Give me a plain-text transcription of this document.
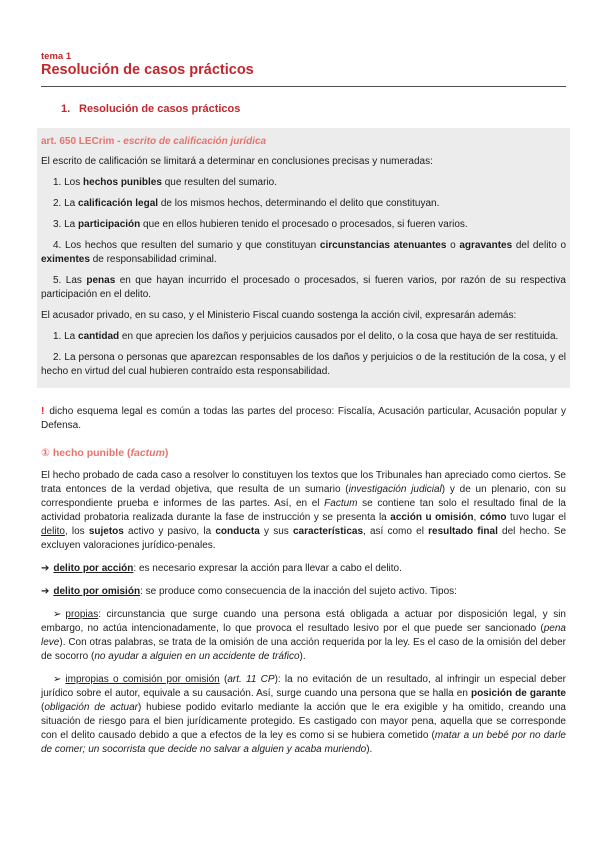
tema 1
Resolución de casos prácticos
1. Resolución de casos prácticos

art. 650 LECrim - escrito de calificación jurídica

El escrito de calificación se limitará a determinar en conclusiones precisas y numeradas:

1. Los hechos punibles que resulten del sumario.

2. La calificación legal de los mismos hechos, determinando el delito que constituyan.

3. La participación que en ellos hubieren tenido el procesado o procesados, si fueren varios.

4. Los hechos que resulten del sumario y que constituyan circunstancias atenuantes o agravantes del delito o eximentes de responsabilidad criminal.

5. Las penas en que hayan incurrido el procesado o procesados, si fueren varios, por razón de su respectiva participación en el delito.

El acusador privado, en su caso, y el Ministerio Fiscal cuando sostenga la acción civil, expresarán además:

1. La cantidad en que aprecien los daños y perjuicios causados por el delito, o la cosa que haya de ser restituida.

2. La persona o personas que aparezcan responsables de los daños y perjuicios o de la restitución de la cosa, y el hecho en virtud del cual hubieren contraído esta responsabilidad.

! dicho esquema legal es común a todas las partes del proceso: Fiscalía, Acusación particular, Acusación popular y Defensa.

① hecho punible (factum)

El hecho probado de cada caso a resolver lo constituyen los textos que los Tribunales han apreciado como ciertos. Se trata entonces de la verdad objetiva, que resulta de un sumario (investigación judicial) y de un plenario, con su correspondiente prueba e informes de las partes. Así, en el Factum se contiene tan solo el resultado final de la actividad probatoria realizada durante la fase de instrucción y se presenta la acción u omisión, cómo tuvo lugar el delito, los sujetos activo y pasivo, la conducta y sus características, así como el resultado final del hecho. Se excluyen valoraciones jurídico-penales.

➔ delito por acción: es necesario expresar la acción para llevar a cabo el delito.

➔ delito por omisión: se produce como consecuencia de la inacción del sujeto activo. Tipos:

➢ propias: circunstancia que surge cuando una persona está obligada a actuar por disposición legal, y sin embargo, no actúa intencionadamente, lo que provoca el resultado lesivo por el que puede ser sancionado (pena leve). Con otras palabras, se trata de la omisión de una acción requerida por la ley. Es el caso de la omisión del deber de socorro (no ayudar a alguien en un accidente de tráfico).

➢ impropias o comisión por omisión (art. 11 CP): la no evitación de un resultado, al infringir un especial deber jurídico sobre el autor, equivale a su causación. Así, surge cuando una persona que se halla en posición de garante (obligación de actuar) hubiese podido evitarlo mediante la acción que le era exigible y ha omitido, creando una situación de riesgo para el bien jurídicamente protegido. Es castigado con mayor pena, aquella que se corresponde con el delito causado debido a que a efectos de la ley es como si se hubiera cometido (matar a un bebé por no darle de comer; un socorrista que decide no salvar a alguien y acaba muriendo).
